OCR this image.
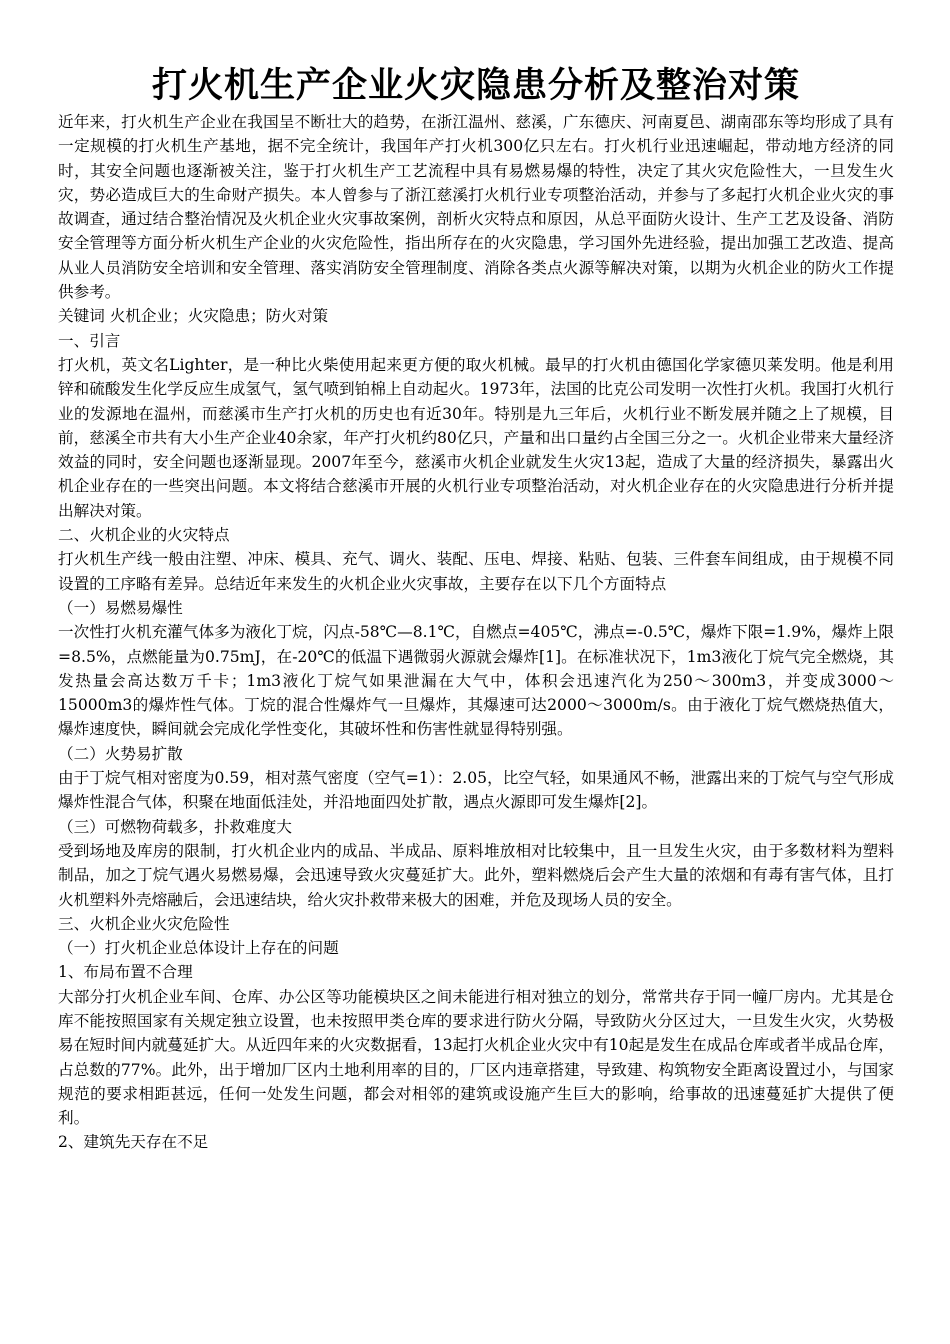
打火机生产企业火灾隐患分析及整治对策

近年来，打火机生产企业在我国呈不断壮大的趋势，在浙江温州、慈溪，广东德庆、河南夏邑、湖南邵东等均形成了具有一定规模的打火机生产基地，据不完全统计，我国年产打火机300亿只左右。打火机行业迅速崛起，带动地方经济的同时，其安全问题也逐渐被关注，鉴于打火机生产工艺流程中具有易燃易爆的特性，决定了其火灾危险性大，一旦发生火灾，势必造成巨大的生命财产损失。本人曾参与了浙江慈溪打火机行业专项整治活动，并参与了多起打火机企业火灾的事故调查，通过结合整治情况及火机企业火灾事故案例，剖析火灾特点和原因，从总平面防火设计、生产工艺及设备、消防安全管理等方面分析火机生产企业的火灾危险性，指出所存在的火灾隐患，学习国外先进经验，提出加强工艺改造、提高从业人员消防安全培训和安全管理、落实消防安全管理制度、消除各类点火源等解决对策，以期为火机企业的防火工作提供参考。

关键词 火机企业；火灾隐患；防火对策

一、引言

打火机，英文名Lighter，是一种比火柴使用起来更方便的取火机械。最早的打火机由德国化学家德贝莱发明。他是利用锌和硫酸发生化学反应生成氢气，氢气喷到铂棉上自动起火。1973年，法国的比克公司发明一次性打火机。我国打火机行业的发源地在温州，而慈溪市生产打火机的历史也有近30年。特别是九三年后，火机行业不断发展并随之上了规模，目前，慈溪全市共有大小生产企业40余家，年产打火机约80亿只，产量和出口量约占全国三分之一。火机企业带来大量经济效益的同时，安全问题也逐渐显现。2007年至今，慈溪市火机企业就发生火灾13起，造成了大量的经济损失，暴露出火机企业存在的一些突出问题。本文将结合慈溪市开展的火机行业专项整治活动，对火机企业存在的火灾隐患进行分析并提出解决对策。

二、火机企业的火灾特点

打火机生产线一般由注塑、冲床、模具、充气、调火、装配、压电、焊接、粘贴、包装、三件套车间组成，由于规模不同设置的工序略有差异。总结近年来发生的火机企业火灾事故，主要存在以下几个方面特点

（一）易燃易爆性

一次性打火机充灌气体多为液化丁烷，闪点-58℃—8.1℃，自燃点=405℃，沸点=-0.5℃，爆炸下限=1.9%，爆炸上限=8.5%，点燃能量为0.75mJ，在-20℃的低温下遇微弱火源就会爆炸[1]。在标准状况下，1m3液化丁烷气完全燃烧，其发热量会高达数万千卡；1m3液化丁烷气如果泄漏在大气中，体积会迅速汽化为250～300m3，并变成3000～15000m3的爆炸性气体。丁烷的混合性爆炸气一旦爆炸，其爆速可达2000～3000m/s。由于液化丁烷气燃烧热值大，爆炸速度快，瞬间就会完成化学性变化，其破坏性和伤害性就显得特别强。

（二）火势易扩散

由于丁烷气相对密度为0.59，相对蒸气密度（空气=1）：2.05，比空气轻，如果通风不畅，泄露出来的丁烷气与空气形成爆炸性混合气体，积聚在地面低洼处，并沿地面四处扩散，遇点火源即可发生爆炸[2]。

（三）可燃物荷载多，扑救难度大

受到场地及库房的限制，打火机企业内的成品、半成品、原料堆放相对比较集中，且一旦发生火灾，由于多数材料为塑料制品，加之丁烷气遇火易燃易爆，会迅速导致火灾蔓延扩大。此外，塑料燃烧后会产生大量的浓烟和有毒有害气体，且打火机塑料外壳熔融后，会迅速结块，给火灾扑救带来极大的困难，并危及现场人员的安全。

三、火机企业火灾危险性

（一）打火机企业总体设计上存在的问题

1、布局布置不合理

大部分打火机企业车间、仓库、办公区等功能模块区之间未能进行相对独立的划分，常常共存于同一幢厂房内。尤其是仓库不能按照国家有关规定独立设置，也未按照甲类仓库的要求进行防火分隔，导致防火分区过大，一旦发生火灾，火势极易在短时间内就蔓延扩大。从近四年来的火灾数据看，13起打火机企业火灾中有10起是发生在成品仓库或者半成品仓库，占总数的77%。此外，出于增加厂区内土地利用率的目的，厂区内违章搭建，导致建、构筑物安全距离设置过小，与国家规范的要求相距甚远，任何一处发生问题，都会对相邻的建筑或设施产生巨大的影响，给事故的迅速蔓延扩大提供了便利。

2、建筑先天存在不足
